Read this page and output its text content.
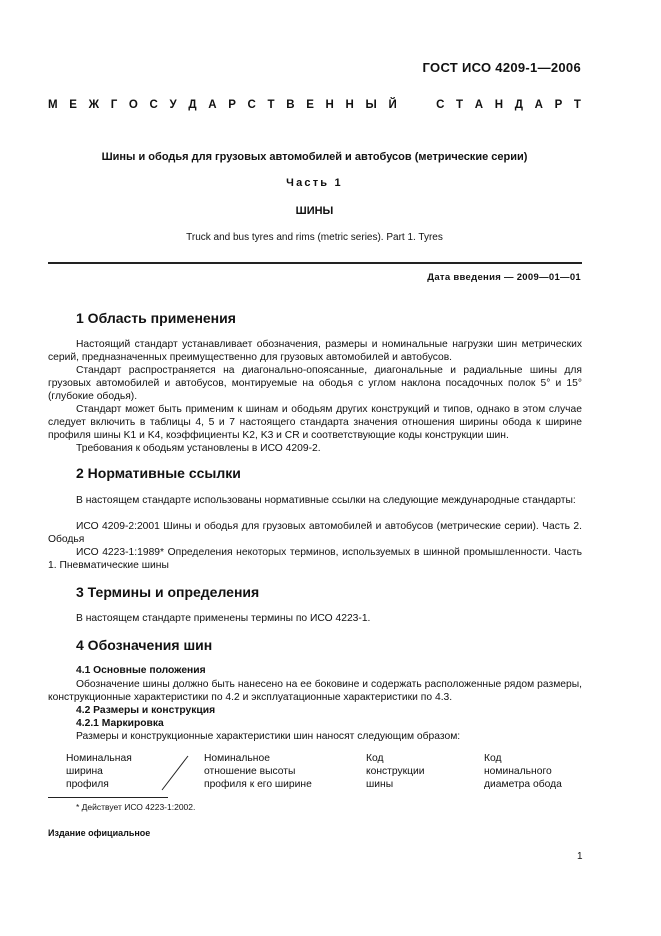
ГОСТ ИСО 4209-1—2006
М Е Ж Г О С У Д А Р С Т В Е Н Н Ы Й	С Т А Н Д А Р Т
Шины и ободья для грузовых автомобилей и автобусов (метрические серии)
Часть 1
ШИНЫ
Truck and bus tyres and rims (metric series). Part 1. Tyres
Дата введения — 2009—01—01
1 Область применения
Настоящий стандарт устанавливает обозначения, размеры и номинальные нагрузки шин метрических серий, предназначенных преимущественно для грузовых автомобилей и автобусов.
Стандарт распространяется на диагонально-опоясанные, диагональные и радиальные шины для грузовых автомобилей и автобусов, монтируемые на ободья с углом наклона посадочных полок 5° и 15° (глубокие ободья).
Стандарт может быть применим к шинам и ободьям других конструкций и типов, однако в этом случае следует включить в таблицы 4, 5 и 7 настоящего стандарта значения отношения ширины обода к ширине профиля шины K1 и K4, коэффициенты K2, K3 и CR и соответствующие коды конструкции шин.
Требования к ободьям установлены в ИСО 4209-2.
2 Нормативные ссылки
В настоящем стандарте использованы нормативные ссылки на следующие международные стандарты:
ИСО 4209-2:2001 Шины и ободья для грузовых автомобилей и автобусов (метрические серии). Часть 2. Ободья
ИСО 4223-1:1989* Определения некоторых терминов, используемых в шинной промышленности. Часть 1. Пневматические шины
3 Термины и определения
В настоящем стандарте применены термины по ИСО 4223-1.
4 Обозначения шин
4.1 Основные положения
Обозначение шины должно быть нанесено на ее боковине и содержать расположенные рядом размеры, конструкционные характеристики по 4.2 и эксплуатационные характеристики по 4.3.
4.2 Размеры и конструкция
4.2.1 Маркировка
Размеры и конструкционные характеристики шин наносят следующим образом:
Номинальная
ширина
профиля
Номинальное
отношение высоты
профиля к его ширине
Код
конструкции
шины
Код
номинального
диаметра обода
* Действует ИСО 4223-1:2002.
Издание официальное
1
